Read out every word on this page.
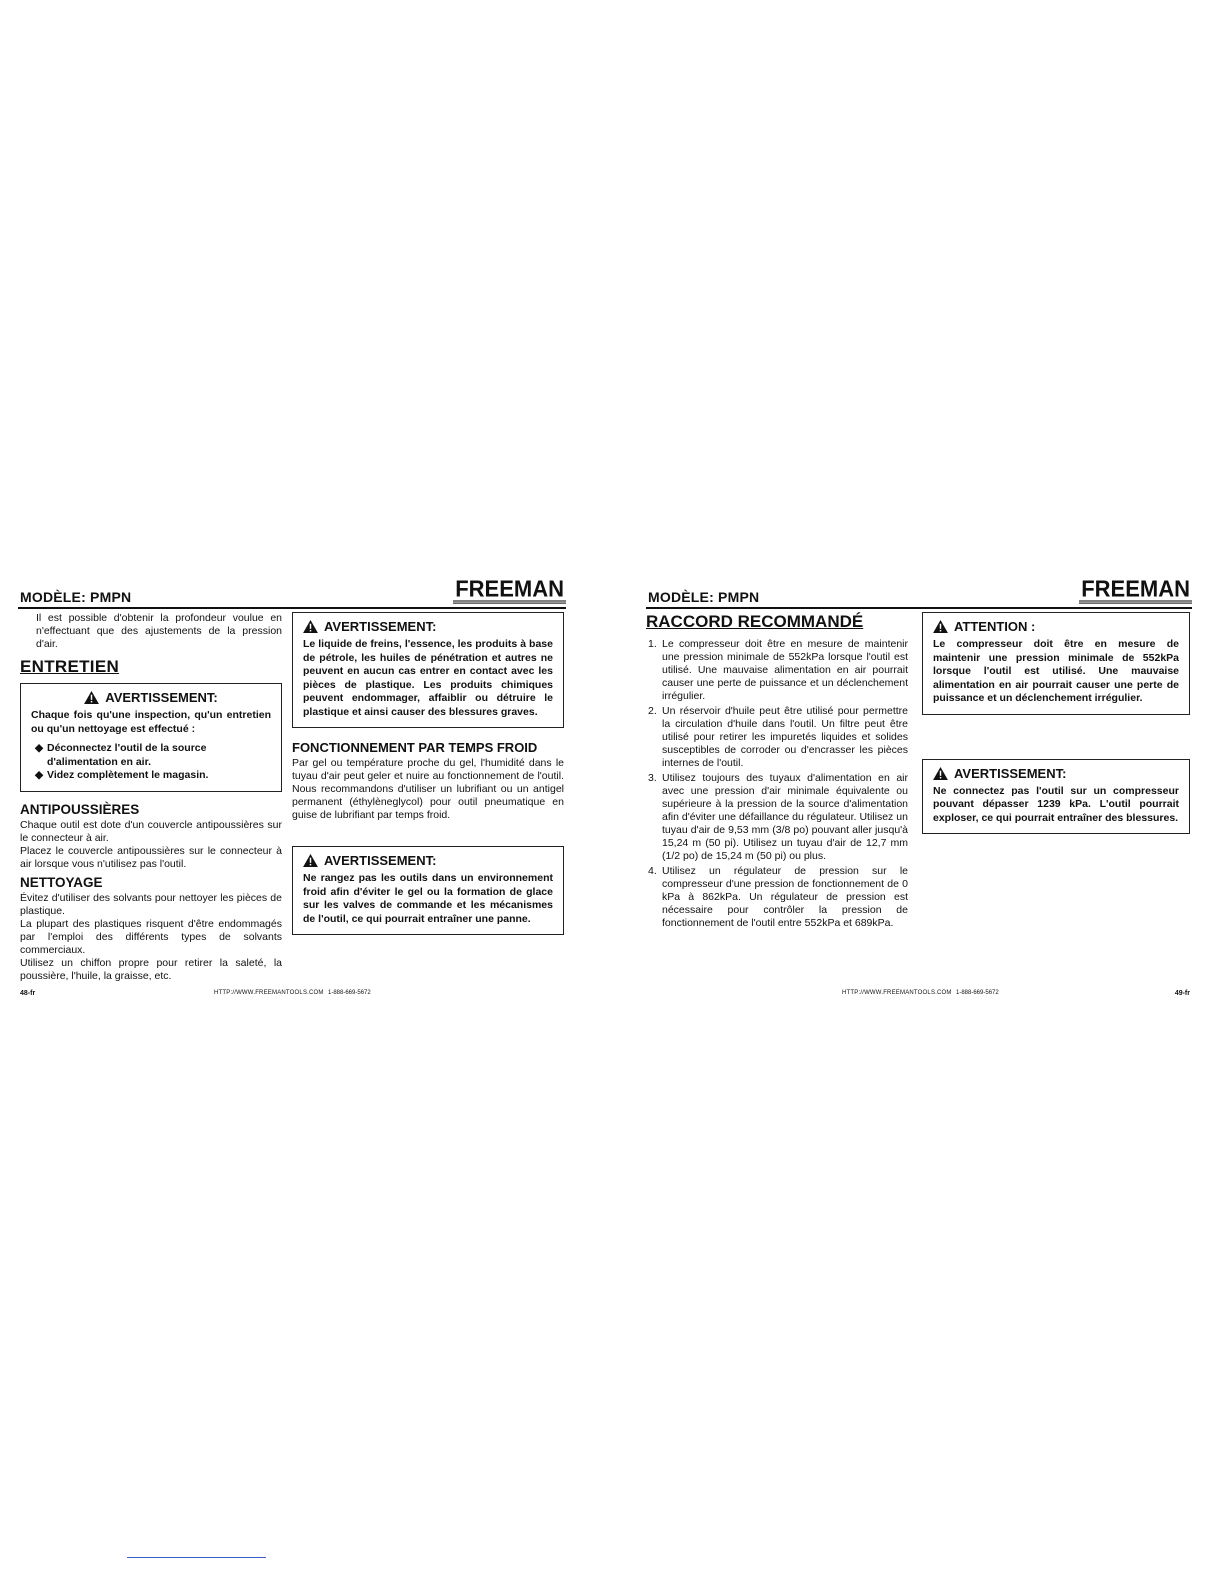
MODÈLE: PMPN	FREEMAN

Il est possible d'obtenir la profondeur voulue en n'effectuant que des ajustements de la pression d'air.

ENTRETIEN
AVERTISSEMENT:

Chaque fois qu'une inspection, qu'un entretien ou qu'un nettoyage est effectué :

◆ Déconnectez l'outil de la source d'alimentation en air.
◆ Videz complètement le magasin.
ANTIPOUSSIÈRES

Chaque outil est dote d'un couvercle antipoussières sur le connecteur à air.

Placez le couvercle antipoussières sur le connecteur à air lorsque vous n'utilisez pas l'outil.

NETTOYAGE

Évitez d'utiliser des solvants pour nettoyer les pièces de plastique.

La plupart des plastiques risquent d'être endommagés par l'emploi des différents types de solvants commerciaux.

Utilisez un chiffon propre pour retirer la saleté, la poussière, l'huile, la graisse, etc.

AVERTISSEMENT:

Le liquide de freins, l'essence, les produits à base de pétrole, les huiles de pénétration et autres ne peuvent en aucun cas entrer en contact avec les pièces de plastique. Les produits chimiques peuvent endommager, affaiblir ou détruire le plastique et ainsi causer des blessures graves.

FONCTIONNEMENT PAR TEMPS FROID

Par gel ou température proche du gel, l'humidité dans le tuyau d'air peut geler et nuire au fonctionnement de l'outil. Nous recommandons d'utiliser un lubrifiant ou un antigel permanent (éthylèneglycol) pour outil pneumatique en guise de lubrifiant par temps froid.

AVERTISSEMENT:

Ne rangez pas les outils dans un environnement froid afin d'éviter le gel ou la formation de glace sur les valves de commande et les mécanismes de l'outil, ce qui pourrait entraîner une panne.

48-fr	HTTP://WWW.FREEMANTOOLS.COM 1-888-669-5672
MODÈLE: PMPN	FREEMAN
RACCORD RECOMMANDÉ
1. Le compresseur doit être en mesure de maintenir une pression minimale de 552kPa lorsque l'outil est utilisé. Une mauvaise alimentation en air pourrait causer une perte de puissance et un déclenchement irrégulier.
2. Un réservoir d'huile peut être utilisé pour permettre la circulation d'huile dans l'outil. Un filtre peut être utilisé pour retirer les impuretés liquides et solides susceptibles de corroder ou d'encrasser les pièces internes de l'outil.
3. Utilisez toujours des tuyaux d'alimentation en air avec une pression d'air minimale équivalente ou supérieure à la pression de la source d'alimentation afin d'éviter une défaillance du régulateur. Utilisez un tuyau d'air de 9,53 mm (3/8 po) pouvant aller jusqu'à 15,24 m (50 pi). Utilisez un tuyau d'air de 12,7 mm (1/2 po) de 15,24 m (50 pi) ou plus.
4. Utilisez un régulateur de pression sur le compresseur d'une pression de fonctionnement de 0 kPa à 862kPa. Un régulateur de pression est nécessaire pour contrôler la pression de fonctionnement de l'outil entre 552kPa et 689kPa.
ATTENTION :

Le compresseur doit être en mesure de maintenir une pression minimale de 552kPa lorsque l'outil est utilisé. Une mauvaise alimentation en air pourrait causer une perte de puissance et un déclenchement irrégulier.

AVERTISSEMENT:

Ne connectez pas l'outil sur un compresseur pouvant dépasser 1239 kPa. L'outil pourrait exploser, ce qui pourrait entraîner des blessures.

HTTP://WWW.FREEMANTOOLS.COM 1-888-669-5672	49-fr
